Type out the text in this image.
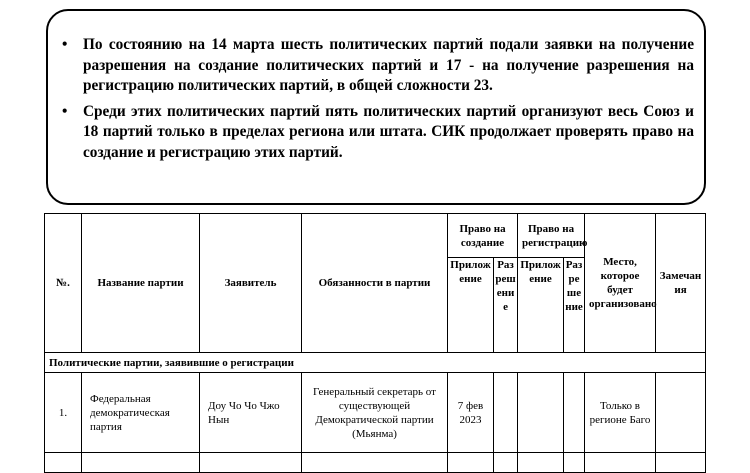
• По состоянию на 14 марта шесть политических партий подали заявки на получение разрешения на создание политических партий и 17 - на получение разрешения на регистрацию политических партий, в общей сложности 23.
• Среди этих политических партий пять политических партий организуют весь Союз и 18 партий только в пределах региона или штата. СИК продолжает проверять право на создание и регистрацию этих партий.
№.	Название партии	Заявитель	Обязанности в партии	Право на создание		Право на регистрацию		Место, которое будет организовано	Замечания
				Приложение	Разрешение	Приложение	Разрешение		
Политические партии, заявившие о регистрации									
1.	Федеральная демократическая партия	Доу Чо Чо Чжо Нын	Генеральный секретарь от существующей Демократической партии (Мьянма)	7 фев 2023				Только в регионе Баго	
